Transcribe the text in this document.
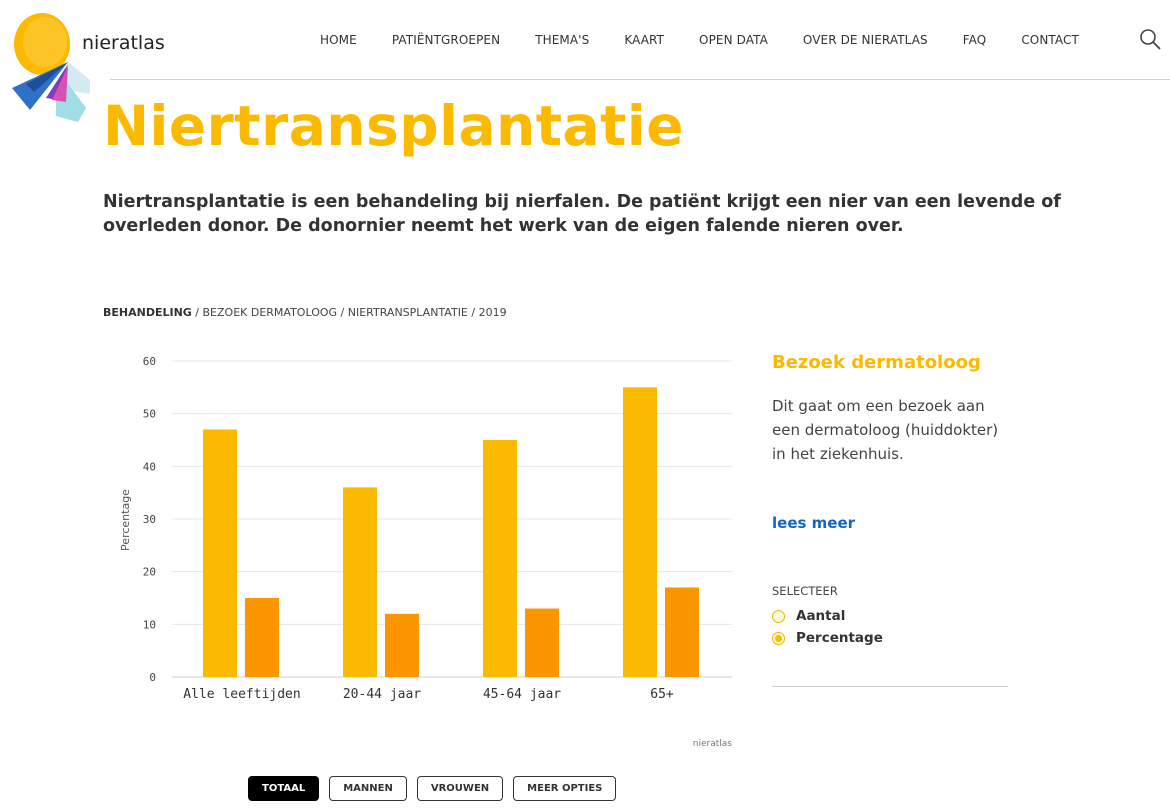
nieratlas	HOME	PATIËNTGROEPEN	THEMA'S	KAART	OPEN DATA	OVER DE NIERATLAS	FAQ	CONTACT
Niertransplantatie

Niertransplantatie is een behandeling bij nierfalen. De patiënt krijgt een nier van een levende of overleden donor. De donornier neemt het werk van de eigen falende nieren over.

BEHANDELING / BEZOEK DERMATOLOOG / NIERTRANSPLANTATIE / 2019
0
10
20
30
40
50
60
Alle leeftijden	20-44 jaar	45-64 jaar	65+
Percentage
nieratlas
Bezoek dermatoloog
Dit gaat om een bezoek aan een dermatoloog (huiddokter) in het ziekenhuis.
lees meer
SELECTEER
Aantal
Percentage
TOTAAL	MANNEN	VROUWEN	MEER OPTIES
